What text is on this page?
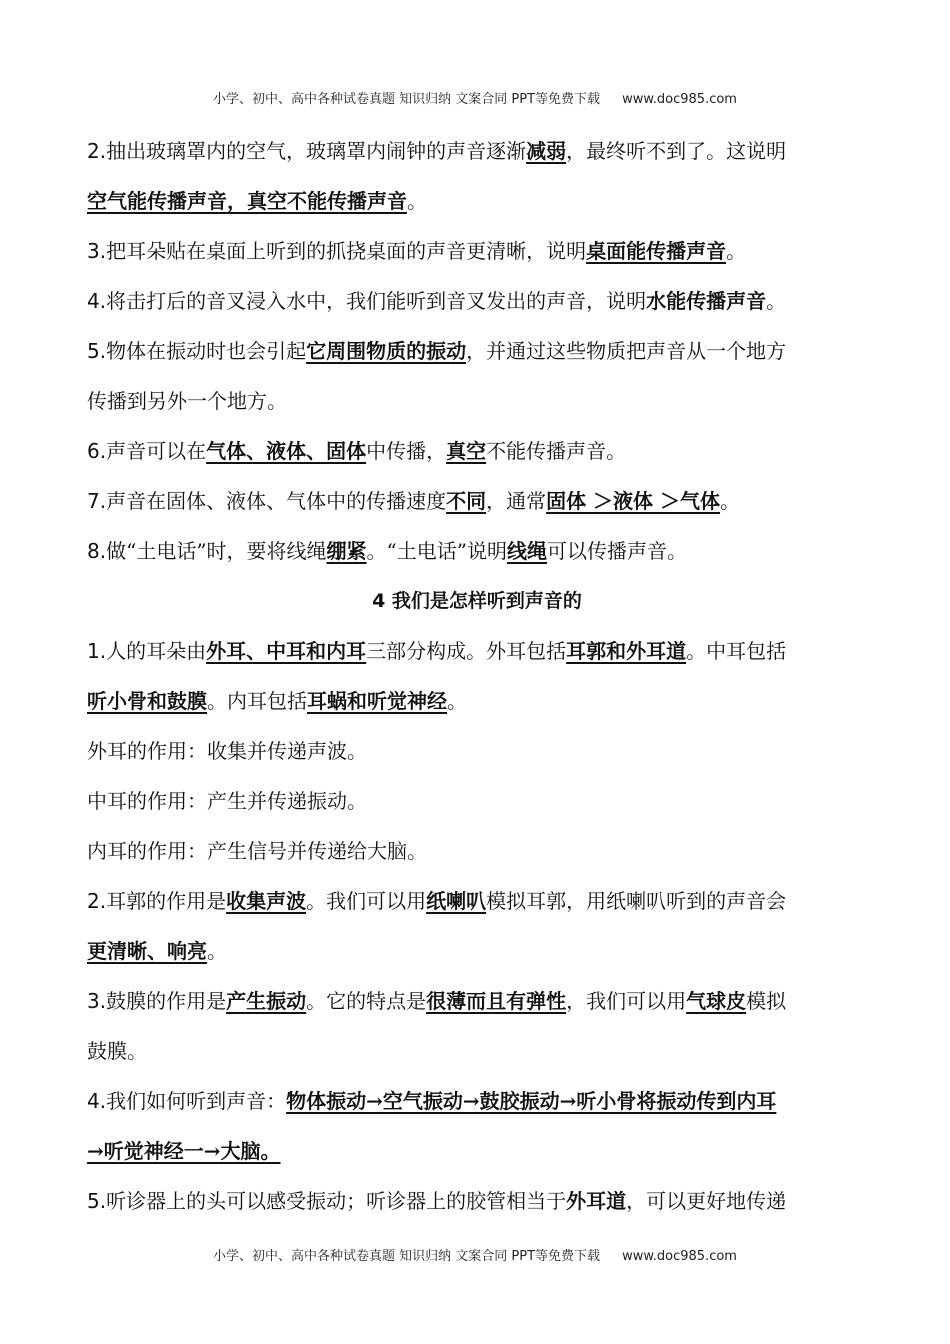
小学、初中、高中各种试卷真题 知识归纳 文案合同 PPT等免费下载 www.doc985.com

2.抽出玻璃罩内的空气，玻璃罩内闹钟的声音逐渐减弱，最终听不到了。这说明

空气能传播声音，真空不能传播声音。

3.把耳朵贴在桌面上听到的抓挠桌面的声音更清晰，说明桌面能传播声音。

4.将击打后的音叉浸入水中，我们能听到音叉发出的声音，说明水能传播声音。

5.物体在振动时也会引起它周围物质的振动，并通过这些物质把声音从一个地方

传播到另外一个地方。

6.声音可以在气体、液体、固体中传播，真空不能传播声音。

7.声音在固体、液体、气体中的传播速度不同，通常固体 ＞液体 ＞气体。

8.做“土电话”时，要将线绳绷紧。“土电话”说明线绳可以传播声音。

4 我们是怎样听到声音的

1.人的耳朵由外耳、中耳和内耳三部分构成。外耳包括耳郭和外耳道。中耳包括

听小骨和鼓膜。内耳包括耳蜗和听觉神经。

外耳的作用：收集并传递声波。

中耳的作用：产生并传递振动。

内耳的作用：产生信号并传递给大脑。

2.耳郭的作用是收集声波。我们可以用纸喇叭模拟耳郭，用纸喇叭听到的声音会

更清晰、响亮。

3.鼓膜的作用是产生振动。它的特点是很薄而且有弹性，我们可以用气球皮模拟

鼓膜。

4.我们如何听到声音：物体振动→空气振动→鼓胶振动→听小骨将振动传到内耳

→听觉神经一→大脑。

5.听诊器上的头可以感受振动；听诊器上的胶管相当于外耳道，可以更好地传递

小学、初中、高中各种试卷真题 知识归纳 文案合同 PPT等免费下载 www.doc985.com
